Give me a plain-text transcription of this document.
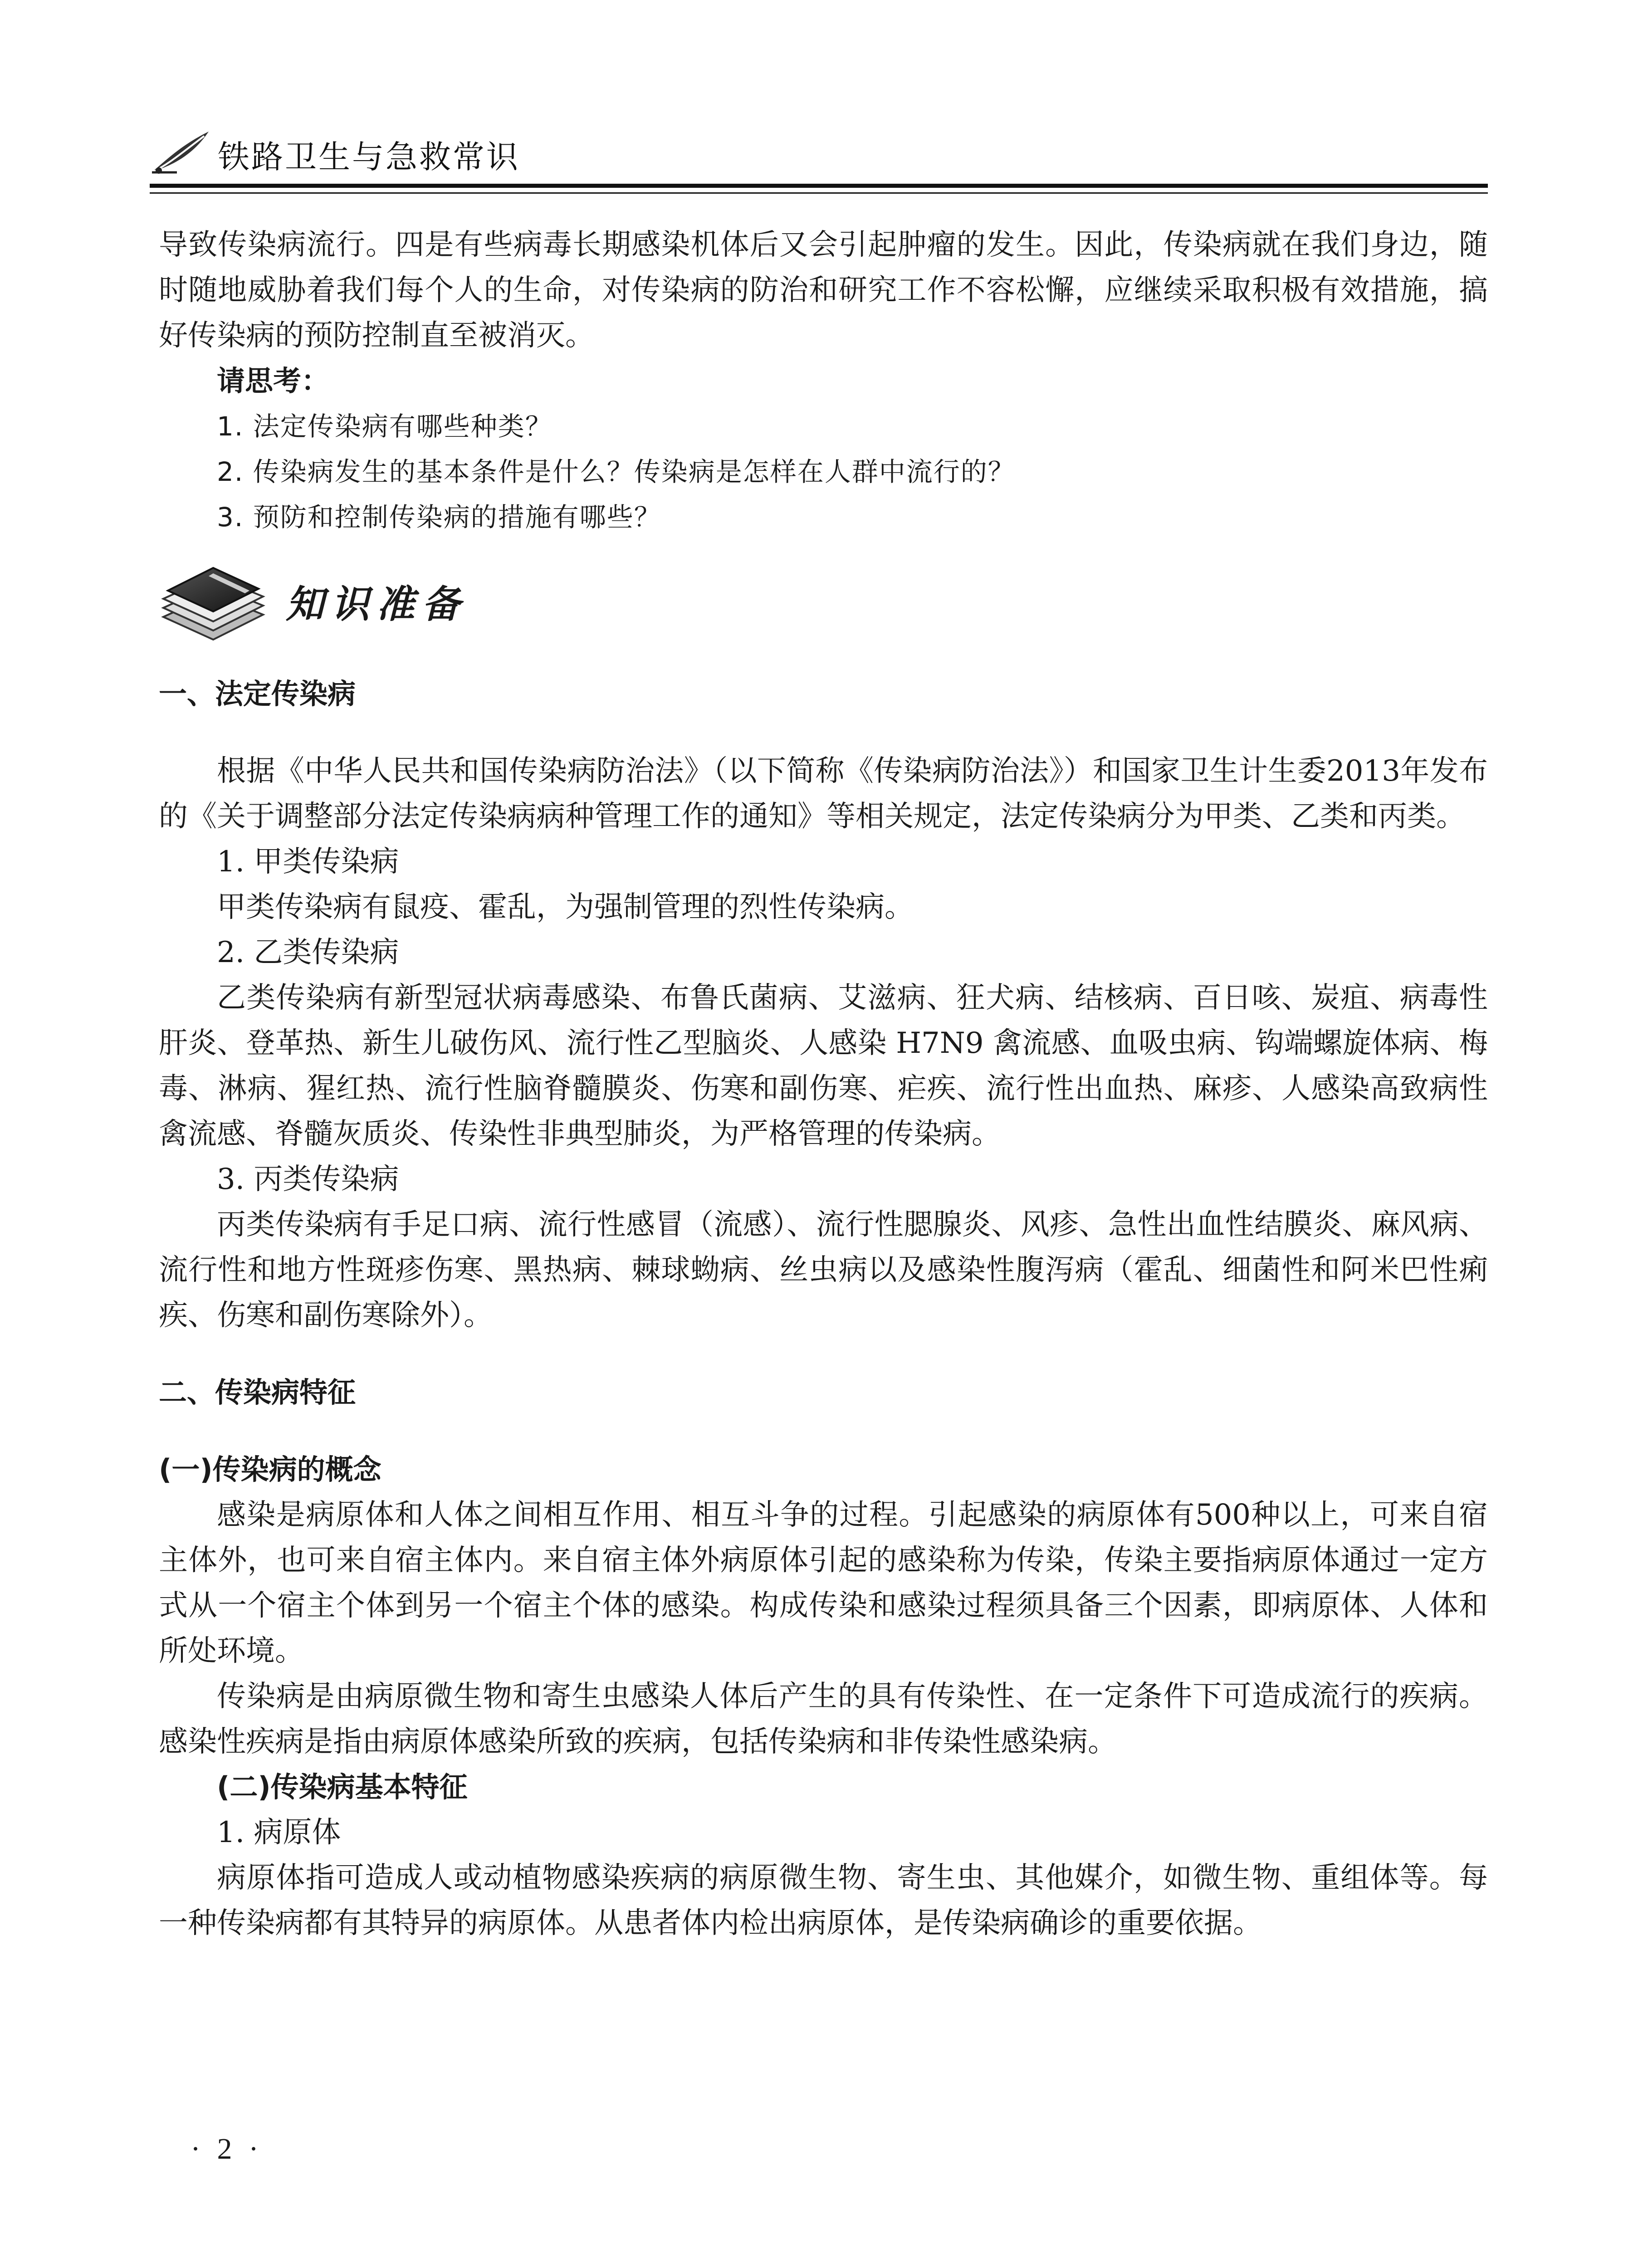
铁路卫生与急救常识

导致传染病流行。四是有些病毒长期感染机体后又会引起肿瘤的发生。因此，传染病就在我们身边，随时随地威胁着我们每个人的生命，对传染病的防治和研究工作不容松懈，应继续采取积极有效措施，搞好传染病的预防控制直至被消灭。

请思考：
1. 法定传染病有哪些种类？
2. 传染病发生的基本条件是什么？传染病是怎样在人群中流行的？
3. 预防和控制传染病的措施有哪些？
知识准备
一、法定传染病

根据《中华人民共和国传染病防治法》（以下简称《传染病防治法》）和国家卫生计生委2013年发布的《关于调整部分法定传染病病种管理工作的通知》等相关规定，法定传染病分为甲类、乙类和丙类。

1. 甲类传染病

甲类传染病有鼠疫、霍乱，为强制管理的烈性传染病。

2. 乙类传染病

乙类传染病有新型冠状病毒感染、布鲁氏菌病、艾滋病、狂犬病、结核病、百日咳、炭疽、病毒性肝炎、登革热、新生儿破伤风、流行性乙型脑炎、人感染 H7N9 禽流感、血吸虫病、钩端螺旋体病、梅毒、淋病、猩红热、流行性脑脊髓膜炎、伤寒和副伤寒、疟疾、流行性出血热、麻疹、人感染高致病性禽流感、脊髓灰质炎、传染性非典型肺炎，为严格管理的传染病。

3. 丙类传染病

丙类传染病有手足口病、流行性感冒（流感）、流行性腮腺炎、风疹、急性出血性结膜炎、麻风病、流行性和地方性斑疹伤寒、黑热病、棘球蚴病、丝虫病以及感染性腹泻病（霍乱、细菌性和阿米巴性痢疾、伤寒和副伤寒除外）。

二、传染病特征
(一)传染病的概念

感染是病原体和人体之间相互作用、相互斗争的过程。引起感染的病原体有500种以上，可来自宿主体外，也可来自宿主体内。来自宿主体外病原体引起的感染称为传染，传染主要指病原体通过一定方式从一个宿主个体到另一个宿主个体的感染。构成传染和感染过程须具备三个因素，即病原体、人体和所处环境。

传染病是由病原微生物和寄生虫感染人体后产生的具有传染性、在一定条件下可造成流行的疾病。感染性疾病是指由病原体感染所致的疾病，包括传染病和非传染性感染病。

(二)传染病基本特征
1. 病原体

病原体指可造成人或动植物感染疾病的病原微生物、寄生虫、其他媒介，如微生物、重组体等。每一种传染病都有其特异的病原体。从患者体内检出病原体，是传染病确诊的重要依据。

· 2 ·
